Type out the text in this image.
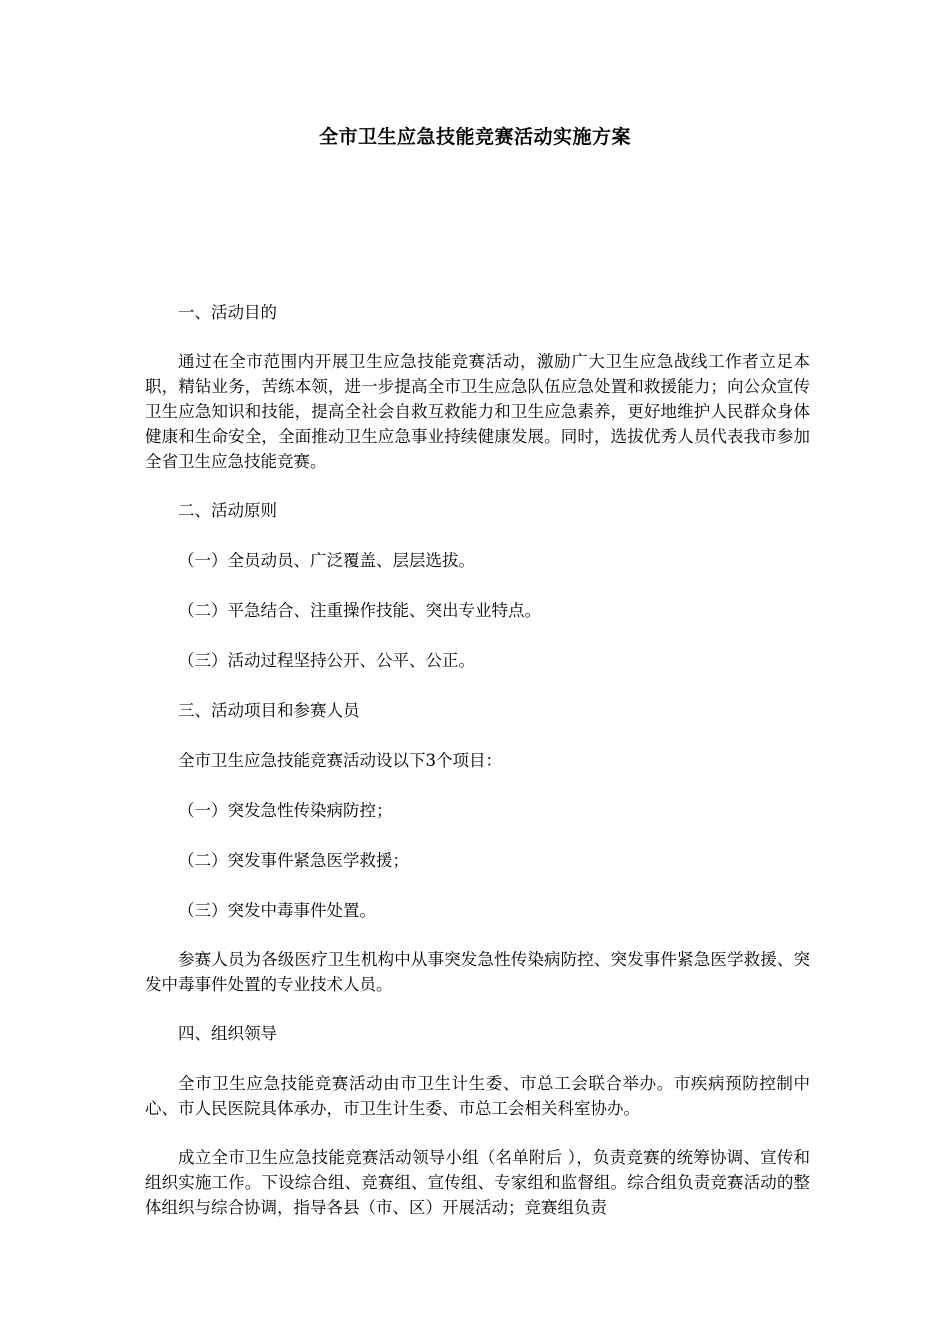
全市卫生应急技能竞赛活动实施方案

一、活动目的

通过在全市范围内开展卫生应急技能竞赛活动，激励广大卫生应急战线工作者立足本职，精钻业务，苦练本领，进一步提高全市卫生应急队伍应急处置和救援能力；向公众宣传卫生应急知识和技能，提高全社会自救互救能力和卫生应急素养，更好地维护人民群众身体健康和生命安全，全面推动卫生应急事业持续健康发展。同时，选拔优秀人员代表我市参加全省卫生应急技能竞赛。

二、活动原则

（一）全员动员、广泛覆盖、层层选拔。

（二）平急结合、注重操作技能、突出专业特点。

（三）活动过程坚持公开、公平、公正。

三、活动项目和参赛人员

全市卫生应急技能竞赛活动设以下3个项目：

（一）突发急性传染病防控；

（二）突发事件紧急医学救援；

（三）突发中毒事件处置。

参赛人员为各级医疗卫生机构中从事突发急性传染病防控、突发事件紧急医学救援、突发中毒事件处置的专业技术人员。

四、组织领导

全市卫生应急技能竞赛活动由市卫生计生委、市总工会联合举办。市疾病预防控制中心、市人民医院具体承办，市卫生计生委、市总工会相关科室协办。

成立全市卫生应急技能竞赛活动领导小组（名单附后 ），负责竞赛的统筹协调、宣传和组织实施工作。下设综合组、竞赛组、宣传组、专家组和监督组。综合组负责竞赛活动的整体组织与综合协调，指导各县（市、区）开展活动；竞赛组负责
